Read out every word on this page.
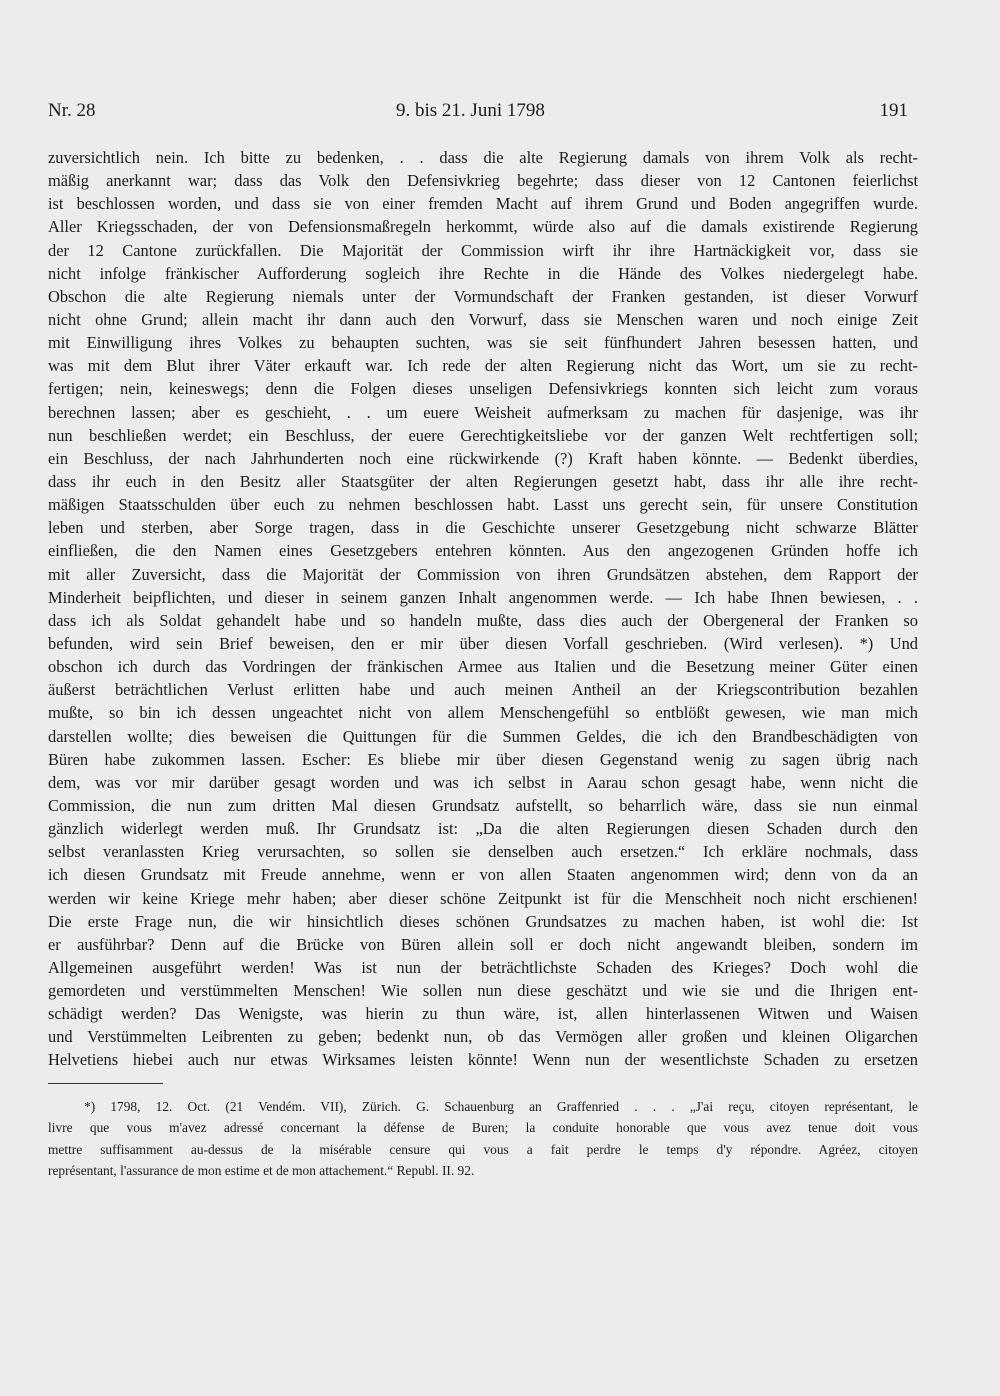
Nr. 28	9. bis 21. Juni 1798	191
zuversichtlich nein. Ich bitte zu bedenken, . . dass die alte Regierung damals von ihrem Volk als recht-
mäßig anerkannt war; dass das Volk den Defensivkrieg begehrte; dass dieser von 12 Cantonen feierlichst
ist beschlossen worden, und dass sie von einer fremden Macht auf ihrem Grund und Boden angegriffen wurde.
Aller Kriegsschaden, der von Defensionsmaßregeln herkommt, würde also auf die damals existirende Regierung
der 12 Cantone zurückfallen. Die Majorität der Commission wirft ihr ihre Hartnäckigkeit vor, dass sie
nicht infolge fränkischer Aufforderung sogleich ihre Rechte in die Hände des Volkes niedergelegt habe.
Obschon die alte Regierung niemals unter der Vormundschaft der Franken gestanden, ist dieser Vorwurf
nicht ohne Grund; allein macht ihr dann auch den Vorwurf, dass sie Menschen waren und noch einige Zeit
mit Einwilligung ihres Volkes zu behaupten suchten, was sie seit fünfhundert Jahren besessen hatten, und
was mit dem Blut ihrer Väter erkauft war. Ich rede der alten Regierung nicht das Wort, um sie zu recht-
fertigen; nein, keineswegs; denn die Folgen dieses unseligen Defensivkriegs konnten sich leicht zum voraus
berechnen lassen; aber es geschieht, . . um euere Weisheit aufmerksam zu machen für dasjenige, was ihr
nun beschließen werdet; ein Beschluss, der euere Gerechtigkeitsliebe vor der ganzen Welt rechtfertigen soll;
ein Beschluss, der nach Jahrhunderten noch eine rückwirkende (?) Kraft haben könnte. — Bedenkt überdies,
dass ihr euch in den Besitz aller Staatsgüter der alten Regierungen gesetzt habt, dass ihr alle ihre recht-
mäßigen Staatsschulden über euch zu nehmen beschlossen habt. Lasst uns gerecht sein, für unsere Constitution
leben und sterben, aber Sorge tragen, dass in die Geschichte unserer Gesetzgebung nicht schwarze Blätter
einfließen, die den Namen eines Gesetzgebers entehren könnten. Aus den angezogenen Gründen hoffe ich
mit aller Zuversicht, dass die Majorität der Commission von ihren Grundsätzen abstehen, dem Rapport der
Minderheit beipflichten, und dieser in seinem ganzen Inhalt angenommen werde. — Ich habe Ihnen bewiesen, . .
dass ich als Soldat gehandelt habe und so handeln mußte, dass dies auch der Obergeneral der Franken so
befunden, wird sein Brief beweisen, den er mir über diesen Vorfall geschrieben. (Wird verlesen). *) Und
obschon ich durch das Vordringen der fränkischen Armee aus Italien und die Besetzung meiner Güter einen
äußerst beträchtlichen Verlust erlitten habe und auch meinen Antheil an der Kriegscontribution bezahlen
mußte, so bin ich dessen ungeachtet nicht von allem Menschengefühl so entblößt gewesen, wie man mich
darstellen wollte; dies beweisen die Quittungen für die Summen Geldes, die ich den Brandbeschädigten von
Büren habe zukommen lassen. Escher: Es bliebe mir über diesen Gegenstand wenig zu sagen übrig nach
dem, was vor mir darüber gesagt worden und was ich selbst in Aarau schon gesagt habe, wenn nicht die
Commission, die nun zum dritten Mal diesen Grundsatz aufstellt, so beharrlich wäre, dass sie nun einmal
gänzlich widerlegt werden muß. Ihr Grundsatz ist: „Da die alten Regierungen diesen Schaden durch den
selbst veranlassten Krieg verursachten, so sollen sie denselben auch ersetzen.“ Ich erkläre nochmals, dass
ich diesen Grundsatz mit Freude annehme, wenn er von allen Staaten angenommen wird; denn von da an
werden wir keine Kriege mehr haben; aber dieser schöne Zeitpunkt ist für die Menschheit noch nicht erschienen!
Die erste Frage nun, die wir hinsichtlich dieses schönen Grundsatzes zu machen haben, ist wohl die: Ist
er ausführbar? Denn auf die Brücke von Büren allein soll er doch nicht angewandt bleiben, sondern im
Allgemeinen ausgeführt werden! Was ist nun der beträchtlichste Schaden des Krieges? Doch wohl die
gemordeten und verstümmelten Menschen! Wie sollen nun diese geschätzt und wie sie und die Ihrigen ent-
schädigt werden? Das Wenigste, was hierin zu thun wäre, ist, allen hinterlassenen Witwen und Waisen
und Verstümmelten Leibrenten zu geben; bedenkt nun, ob das Vermögen aller großen und kleinen Oligarchen
Helvetiens hiebei auch nur etwas Wirksames leisten könnte! Wenn nun der wesentlichste Schaden zu ersetzen
*) 1798, 12. Oct. (21 Vendém. VII), Zürich. G. Schauenburg an Graffenried . . . „J'ai reçu, citoyen représentant, le
livre que vous m'avez adressé concernant la défense de Buren; la conduite honorable que vous avez tenue doit vous
mettre suffisamment au-dessus de la misérable censure qui vous a fait perdre le temps d'y répondre. Agréez, citoyen
représentant, l'assurance de mon estime et de mon attachement.“ Republ. II. 92.
